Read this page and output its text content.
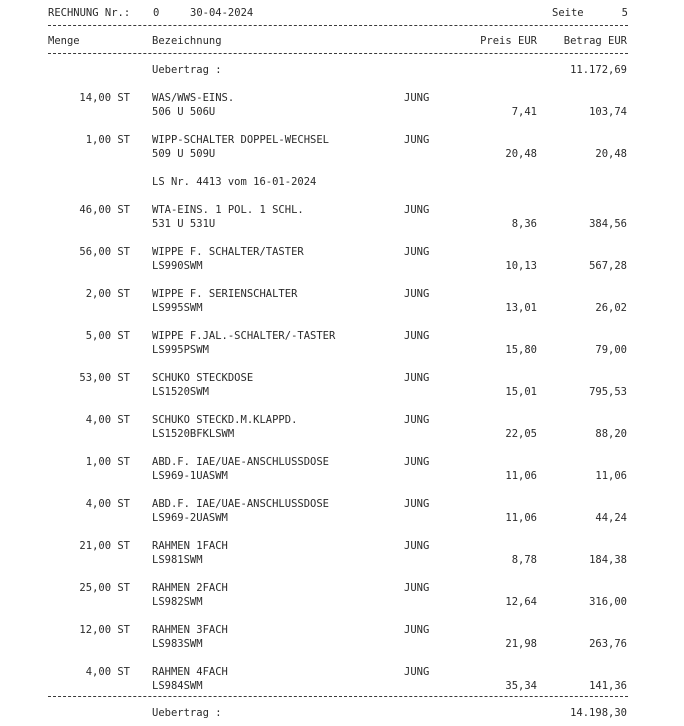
RECHNUNG Nr.: 0	30-04-2024	Seite	5
Menge	Bezeichnung	Preis EUR	Betrag EUR
Uebertrag :	11.172,69
14,00 ST WAS/WWS-EINS.	JUNG
506 U 506U	7,41	103,74
1,00 ST WIPP-SCHALTER DOPPEL-WECHSEL	JUNG
509 U 509U	20,48	20,48
LS Nr. 4413 vom 16-01-2024
46,00 ST WTA-EINS. 1 POL. 1 SCHL.	JUNG
531 U 531U	8,36	384,56
56,00 ST WIPPE F. SCHALTER/TASTER	JUNG
LS990SWM	10,13	567,28
2,00 ST WIPPE F. SERIENSCHALTER	JUNG
LS995SWM	13,01	26,02
5,00 ST WIPPE F.JAL.-SCHALTER/-TASTER	JUNG
LS995PSWM	15,80	79,00
53,00 ST SCHUKO STECKDOSE	JUNG
LS1520SWM	15,01	795,53
4,00 ST SCHUKO STECKD.M.KLAPPD.	JUNG
LS1520BFKLSWM	22,05	88,20
1,00 ST ABD.F. IAE/UAE-ANSCHLUSSDOSE	JUNG
LS969-1UASWM	11,06	11,06
4,00 ST ABD.F. IAE/UAE-ANSCHLUSSDOSE	JUNG
LS969-2UASWM	11,06	44,24
21,00 ST RAHMEN 1FACH	JUNG
LS981SWM	8,78	184,38
25,00 ST RAHMEN 2FACH	JUNG
LS982SWM	12,64	316,00
12,00 ST RAHMEN 3FACH	JUNG
LS983SWM	21,98	263,76
4,00 ST RAHMEN 4FACH	JUNG
LS984SWM	35,34	141,36
Uebertrag :	14.198,30
